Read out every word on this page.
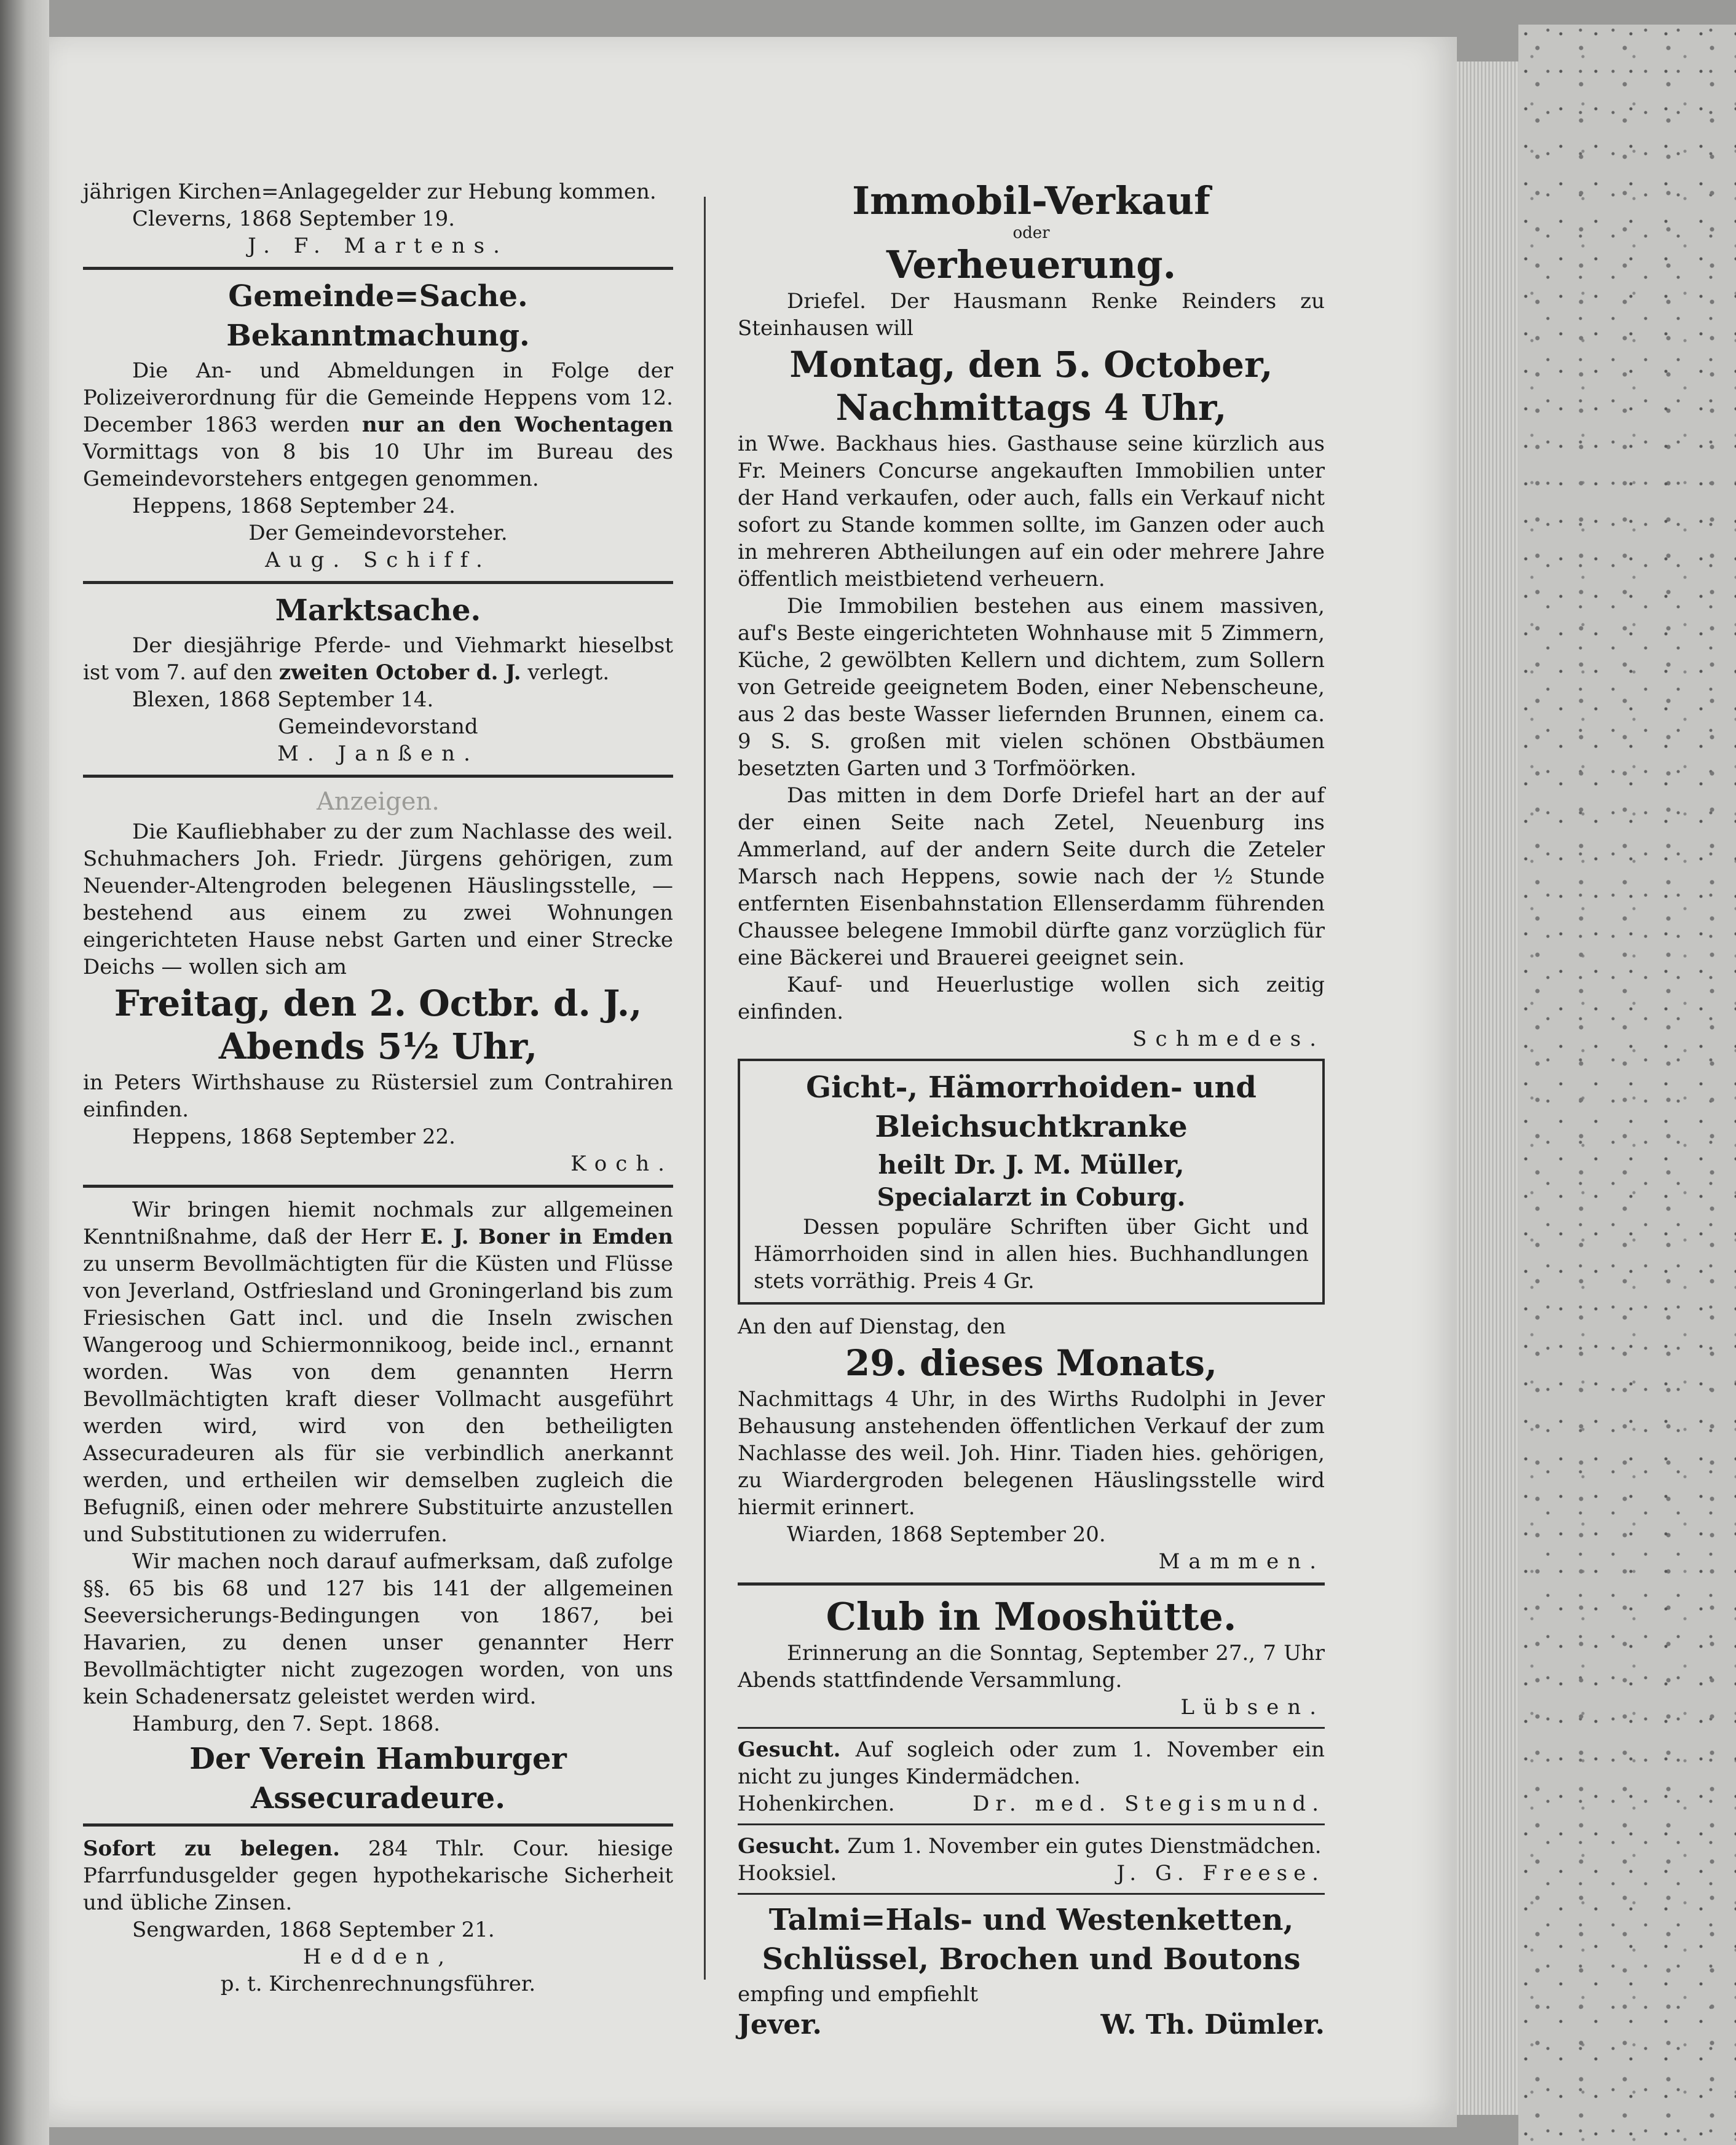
jährigen Kirchen=Anlagegelder zur Hebung kommen.

Cleverns, 1868 September 19.

J. F. Martens.

Gemeinde=Sache.

Bekanntmachung.

Die An- und Abmeldungen in Folge der Polizeiverordnung für die Gemeinde Heppens vom 12. December 1863 werden nur an den Wochentagen Vormittags von 8 bis 10 Uhr im Bureau des Gemeindevorstehers entgegen genommen.

Heppens, 1868 September 24.

Der Gemeindevorsteher.

Aug. Schiff.

Marktsache.

Der diesjährige Pferde- und Viehmarkt hieselbst ist vom 7. auf den zweiten October d. J. verlegt.

Blexen, 1868 September 14.

Gemeindevorstand

M. Janßen.

Anzeigen.

Die Kaufliebhaber zu der zum Nachlasse des weil. Schuhmachers Joh. Friedr. Jürgens gehörigen, zum Neuender-Altengroden belegenen Häuslingsstelle, — bestehend aus einem zu zwei Wohnungen eingerichteten Hause nebst Garten und einer Strecke Deichs — wollen sich am

Freitag, den 2. Octbr. d. J.,

Abends 5½ Uhr,

in Peters Wirthshause zu Rüstersiel zum Contrahiren einfinden.

Heppens, 1868 September 22.

Koch.

Wir bringen hiemit nochmals zur allgemeinen Kenntnißnahme, daß der Herr E. J. Boner in Emden zu unserm Bevollmächtigten für die Küsten und Flüsse von Jeverland, Ostfriesland und Groningerland bis zum Friesischen Gatt incl. und die Inseln zwischen Wangeroog und Schiermonnikoog, beide incl., ernannt worden. Was von dem genannten Herrn Bevollmächtigten kraft dieser Vollmacht ausgeführt werden wird, wird von den betheiligten Assecuradeuren als für sie verbindlich anerkannt werden, und ertheilen wir demselben zugleich die Befugniß, einen oder mehrere Substituirte anzustellen und Substitutionen zu widerrufen.

Wir machen noch darauf aufmerksam, daß zufolge §§. 65 bis 68 und 127 bis 141 der allgemeinen Seeversicherungs-Bedingungen von 1867, bei Havarien, zu denen unser genannter Herr Bevollmächtigter nicht zugezogen worden, von uns kein Schadenersatz geleistet werden wird.

Hamburg, den 7. Sept. 1868.

Der Verein Hamburger

Assecuradeure.

Sofort zu belegen. 284 Thlr. Cour. hiesige Pfarrfundusgelder gegen hypothekarische Sicherheit und übliche Zinsen.

Sengwarden, 1868 September 21.

Hedden,

p. t. Kirchenrechnungsführer.

Immobil-Verkauf

oder

Verheuerung.

Driefel. Der Hausmann Renke Reinders zu Steinhausen will

Montag, den 5. October,

Nachmittags 4 Uhr,

in Wwe. Backhaus hies. Gasthause seine kürzlich aus Fr. Meiners Concurse angekauften Immobilien unter der Hand verkaufen, oder auch, falls ein Verkauf nicht sofort zu Stande kommen sollte, im Ganzen oder auch in mehreren Abtheilungen auf ein oder mehrere Jahre öffentlich meistbietend verheuern.

Die Immobilien bestehen aus einem massiven, auf's Beste eingerichteten Wohnhause mit 5 Zimmern, Küche, 2 gewölbten Kellern und dichtem, zum Sollern von Getreide geeignetem Boden, einer Nebenscheune, aus 2 das beste Wasser liefernden Brunnen, einem ca. 9 S. S. großen mit vielen schönen Obstbäumen besetzten Garten und 3 Torfmöörken.

Das mitten in dem Dorfe Driefel hart an der auf der einen Seite nach Zetel, Neuenburg ins Ammerland, auf der andern Seite durch die Zeteler Marsch nach Heppens, sowie nach der ½ Stunde entfernten Eisenbahnstation Ellenserdamm führenden Chaussee belegene Immobil dürfte ganz vorzüglich für eine Bäckerei und Brauerei geeignet sein.

Kauf- und Heuerlustige wollen sich zeitig einfinden.

Schmedes.

Gicht-, Hämorrhoiden- und

Bleichsuchtkranke

heilt Dr. J. M. Müller,

Specialarzt in Coburg.

Dessen populäre Schriften über Gicht und Hämorrhoiden sind in allen hies. Buchhandlungen stets vorräthig. Preis 4 Gr.

An den auf Dienstag, den

29. dieses Monats,

Nachmittags 4 Uhr, in des Wirths Rudolphi in Jever Behausung anstehenden öffentlichen Verkauf der zum Nachlasse des weil. Joh. Hinr. Tiaden hies. gehörigen, zu Wiardergroden belegenen Häuslingsstelle wird hiermit erinnert.

Wiarden, 1868 September 20.

Mammen.

Club in Mooshütte.

Erinnerung an die Sonntag, September 27., 7 Uhr Abends stattfindende Versammlung.

Lübsen.

Gesucht. Auf sogleich oder zum 1. November ein nicht zu junges Kindermädchen.

Hohenkirchen.	Dr. med. Stegismund.

Gesucht. Zum 1. November ein gutes Dienstmädchen.

Hooksiel.	J. G. Freese.

Talmi=Hals- und Westenketten,

Schlüssel, Brochen und Boutons

empfing und empfiehlt

Jever.	W. Th. Dümler.
